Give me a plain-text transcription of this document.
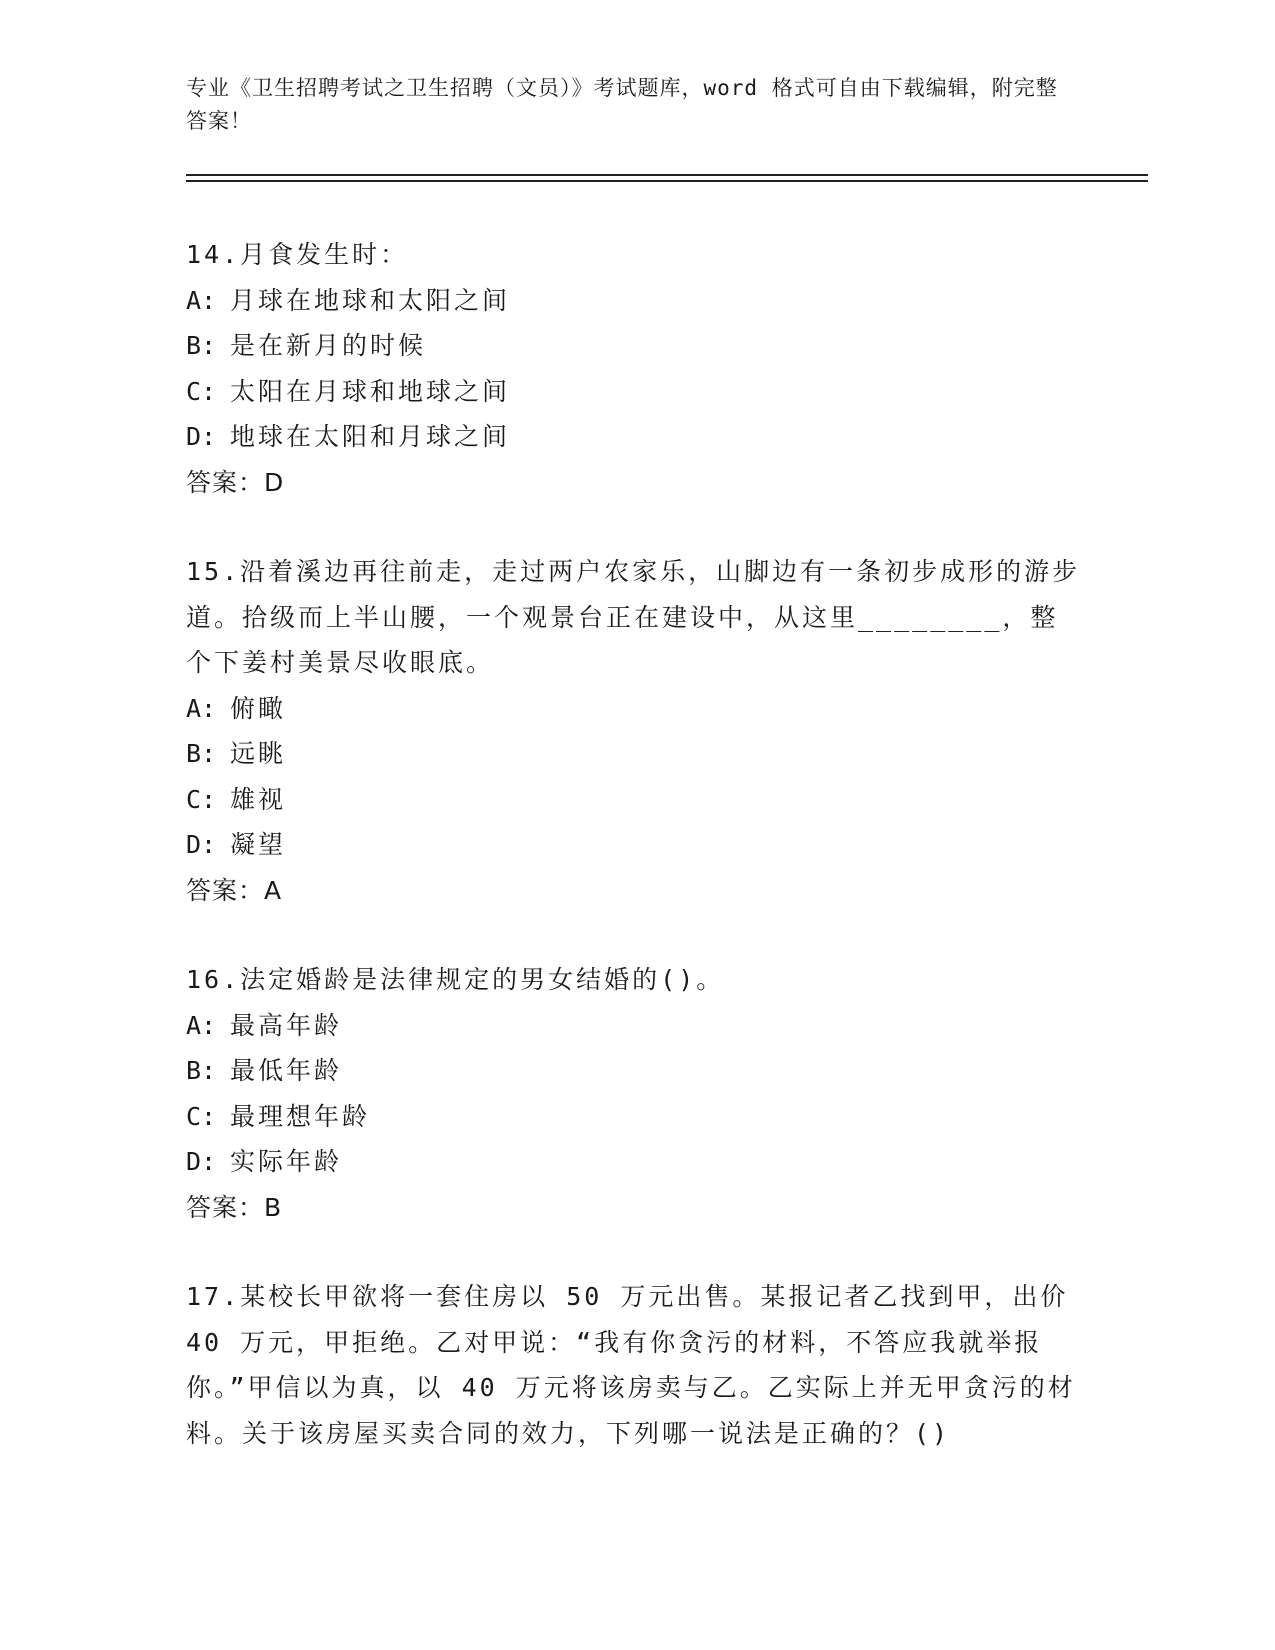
专业《卫生招聘考试之卫生招聘（文员）》考试题库，word 格式可自由下载编辑，附完整答案！
14.月食发生时：
A: 月球在地球和太阳之间
B: 是在新月的时候
C: 太阳在月球和地球之间
D: 地球在太阳和月球之间
答案：D
15.沿着溪边再往前走，走过两户农家乐，山脚边有一条初步成形的游步道。拾级而上半山腰，一个观景台正在建设中，从这里________，整个下姜村美景尽收眼底。
A: 俯瞰
B: 远眺
C: 雄视
D: 凝望
答案：A
16.法定婚龄是法律规定的男女结婚的()。
A: 最高年龄
B: 最低年龄
C: 最理想年龄
D: 实际年龄
答案：B
17.某校长甲欲将一套住房以 50 万元出售。某报记者乙找到甲，出价 40 万元，甲拒绝。乙对甲说：“我有你贪污的材料，不答应我就举报你。”甲信以为真，以 40 万元将该房卖与乙。乙实际上并无甲贪污的材料。关于该房屋买卖合同的效力，下列哪一说法是正确的？()
